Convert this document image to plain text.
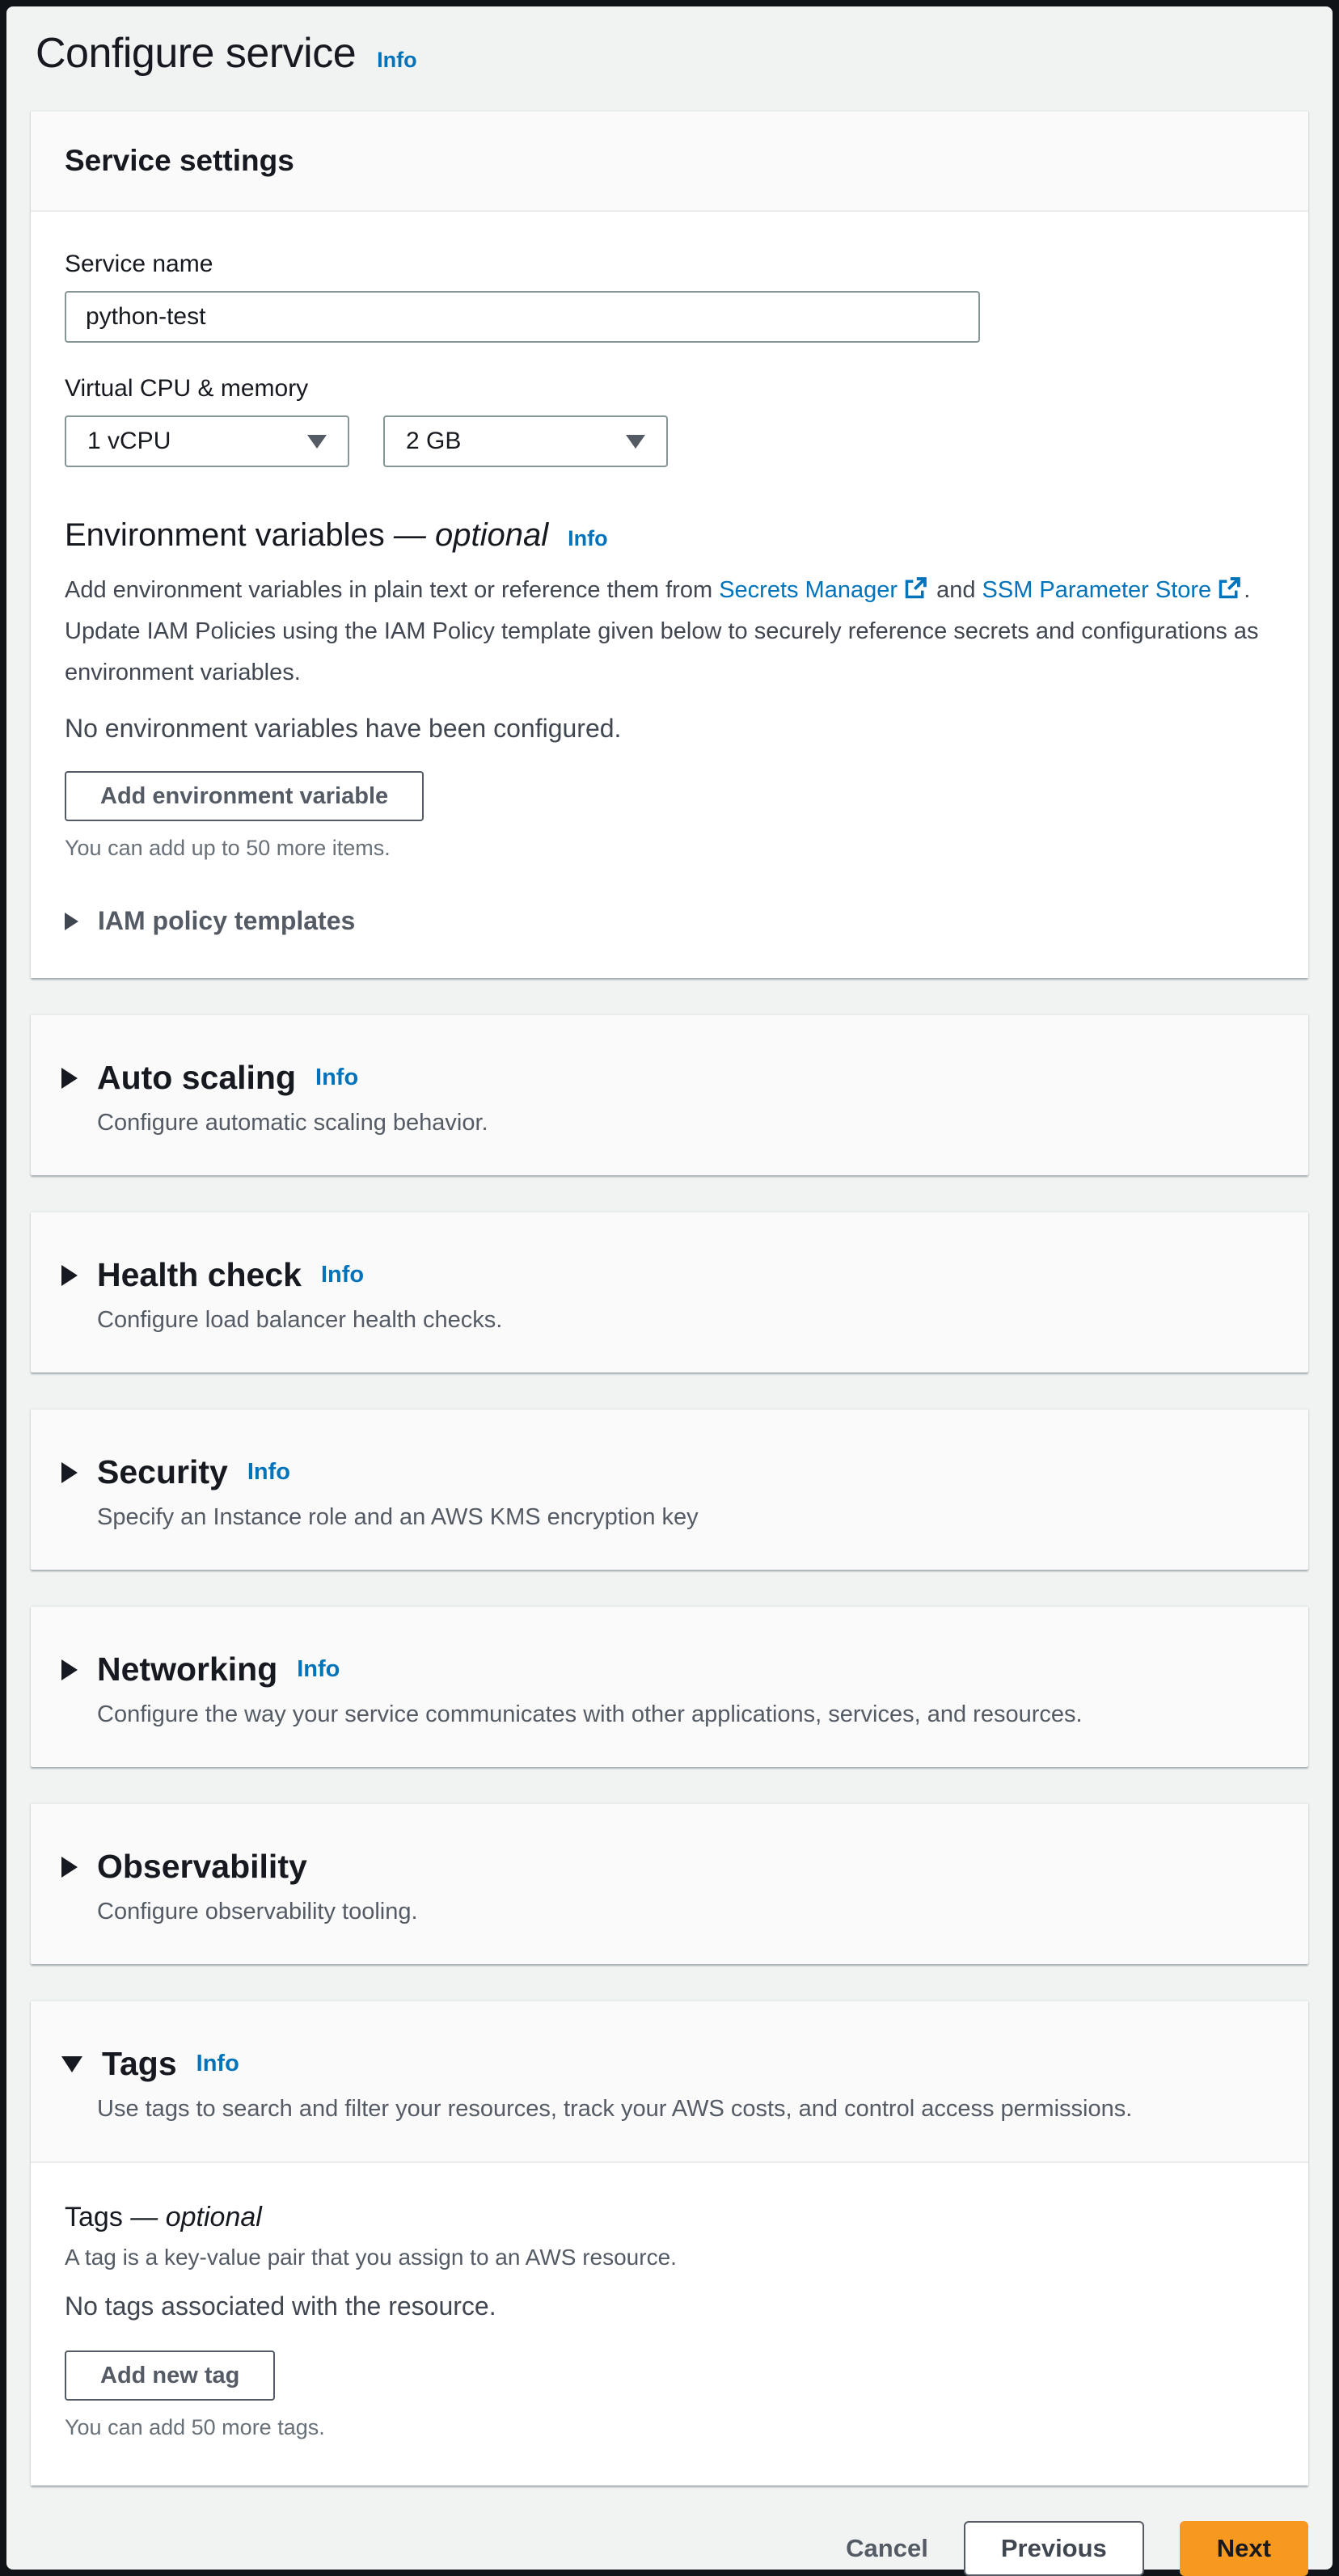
Configure service Info
Service settings
Service name
python-test
Virtual CPU & memory
1 vCPU	2 GB
Environment variables — optional Info

Add environment variables in plain text or reference them from Secrets Manager and SSM Parameter Store . Update IAM Policies using the IAM Policy template given below to securely reference secrets and configurations as environment variables.

No environment variables have been configured.
Add environment variable
You can add up to 50 more items.
IAM policy templates
Auto scaling Info
Configure automatic scaling behavior.
Health check Info
Configure load balancer health checks.
Security Info
Specify an Instance role and an AWS KMS encryption key
Networking Info
Configure the way your service communicates with other applications, services, and resources.
Observability
Configure observability tooling.
Tags Info
Use tags to search and filter your resources, track your AWS costs, and control access permissions.
Tags — optional
A tag is a key-value pair that you assign to an AWS resource.
No tags associated with the resource.
Add new tag
You can add 50 more tags.
Cancel	Previous	Next
